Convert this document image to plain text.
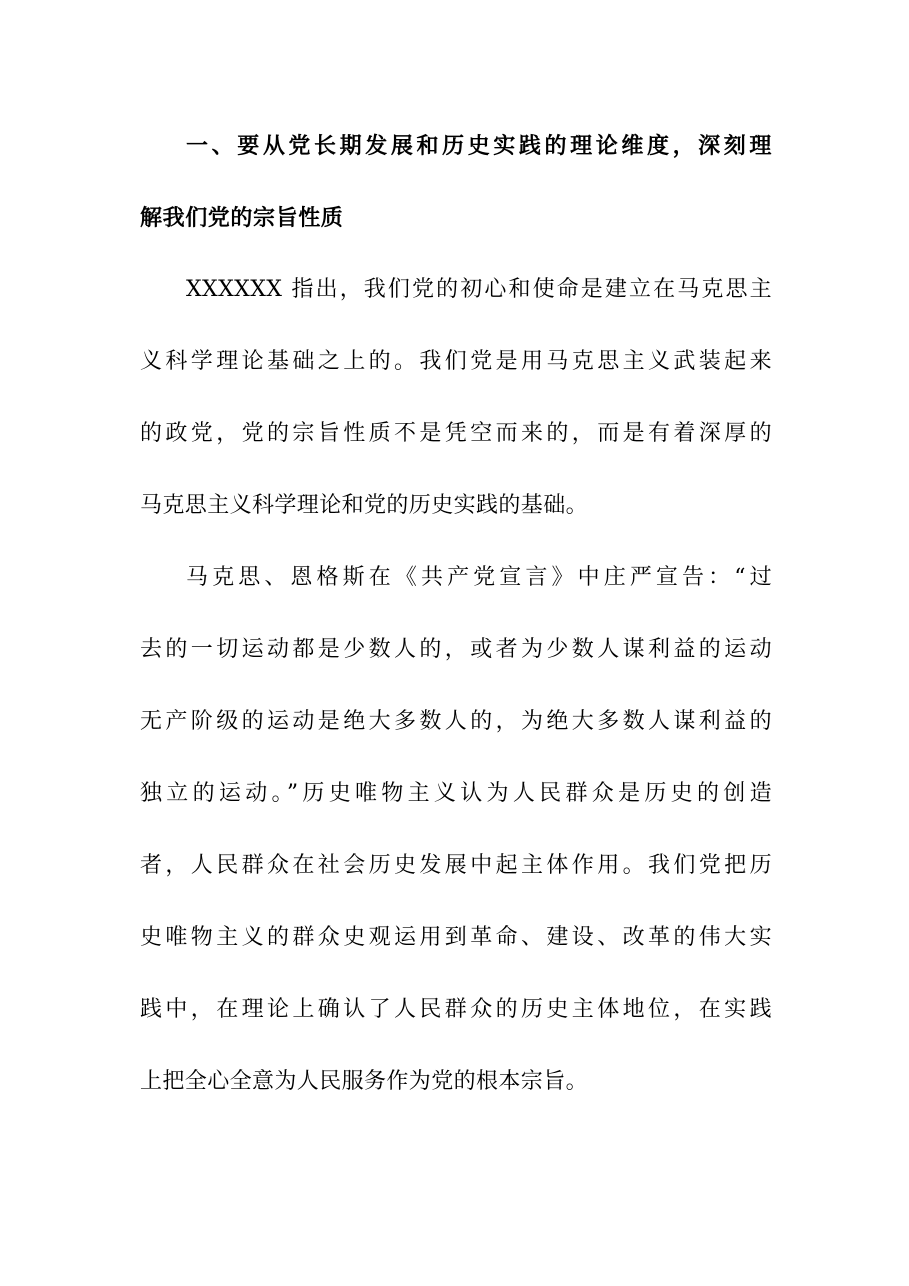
一、要从党长期发展和历史实践的理论维度，深刻理
解我们党的宗旨性质
XXXXXX 指出，我们党的初心和使命是建立在马克思主
义科学理论基础之上的。我们党是用马克思主义武装起来
的政党，党的宗旨性质不是凭空而来的，而是有着深厚的
马克思主义科学理论和党的历史实践的基础。
马克思、恩格斯在《共产党宣言》中庄严宣告：“过
去的一切运动都是少数人的，或者为少数人谋利益的运动
无产阶级的运动是绝大多数人的，为绝大多数人谋利益的
独立的运动。”历史唯物主义认为人民群众是历史的创造
者，人民群众在社会历史发展中起主体作用。我们党把历
史唯物主义的群众史观运用到革命、建设、改革的伟大实
践中，在理论上确认了人民群众的历史主体地位，在实践
上把全心全意为人民服务作为党的根本宗旨。
